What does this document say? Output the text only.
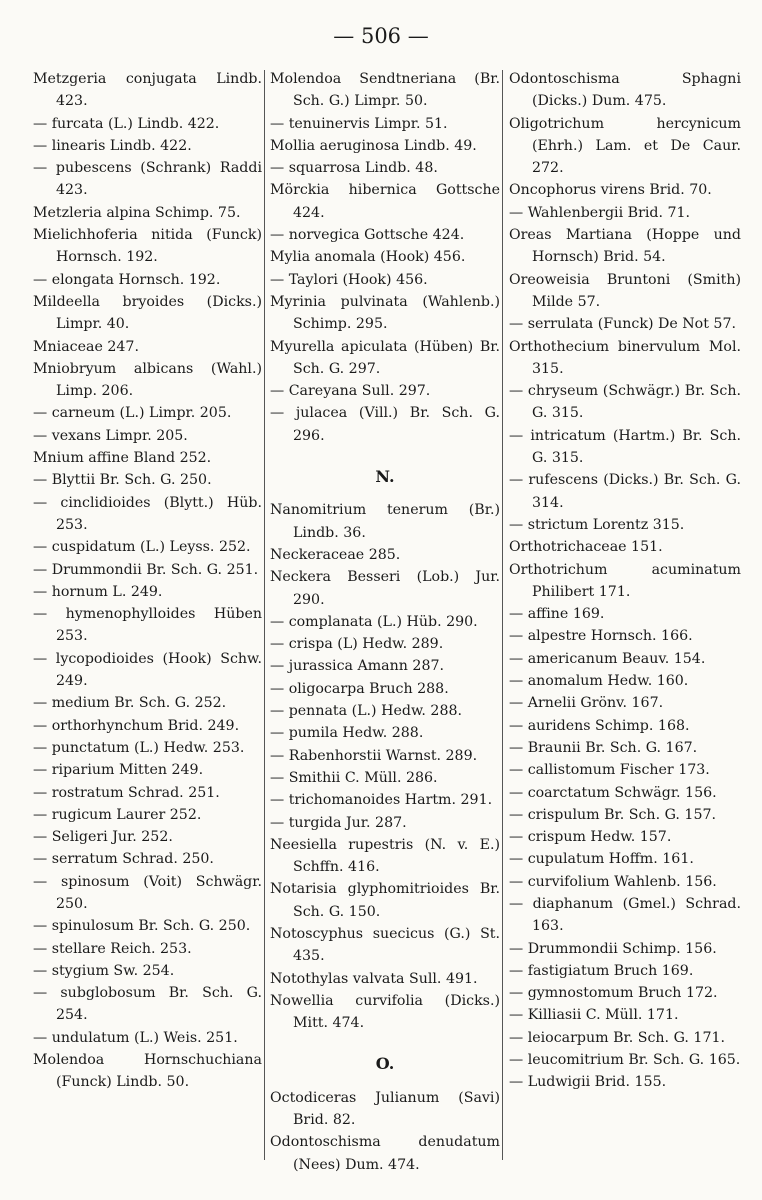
— 506 —
Metzgeria conjugata Lindb. 423.
— furcata (L.) Lindb. 422.
— linearis Lindb. 422.
— pubescens (Schrank) Raddi 423.
Metzleria alpina Schimp. 75.
Mielichhoferia nitida (Funck) Hornsch. 192.
— elongata Hornsch. 192.
Mildeella bryoides (Dicks.) Limpr. 40.
Mniaceae 247.
Mniobryum albicans (Wahl.) Limp. 206.
— carneum (L.) Limpr. 205.
— vexans Limpr. 205.
Mnium affine Bland 252.
— Blyttii Br. Sch. G. 250.
— cinclidioides (Blytt.) Hüb. 253.
— cuspidatum (L.) Leyss. 252.
— Drummondii Br. Sch. G. 251.
— hornum L. 249.
— hymenophylloides Hüben 253.
— lycopodioides (Hook) Schw. 249.
— medium Br. Sch. G. 252.
— orthorhynchum Brid. 249.
— punctatum (L.) Hedw. 253.
— riparium Mitten 249.
— rostratum Schrad. 251.
— rugicum Laurer 252.
— Seligeri Jur. 252.
— serratum Schrad. 250.
— spinosum (Voit) Schwägr. 250.
— spinulosum Br. Sch. G. 250.
— stellare Reich. 253.
— stygium Sw. 254.
— subglobosum Br. Sch. G. 254.
— undulatum (L.) Weis. 251.
Molendoa Hornschuchiana (Funck) Lindb. 50.
Molendoa Sendtneriana (Br. Sch. G.) Limpr. 50.
— tenuinervis Limpr. 51.
Mollia aeruginosa Lindb. 49.
— squarrosa Lindb. 48.
Mörckia hibernica Gottsche 424.
— norvegica Gottsche 424.
Mylia anomala (Hook) 456.
— Taylori (Hook) 456.
Myrinia pulvinata (Wahlenb.) Schimp. 295.
Myurella apiculata (Hüben) Br. Sch. G. 297.
— Careyana Sull. 297.
— julacea (Vill.) Br. Sch. G. 296.
N.
Nanomitrium tenerum (Br.) Lindb. 36.
Neckeraceae 285.
Neckera Besseri (Lob.) Jur. 290.
— complanata (L.) Hüb. 290.
— crispa (L) Hedw. 289.
— jurassica Amann 287.
— oligocarpa Bruch 288.
— pennata (L.) Hedw. 288.
— pumila Hedw. 288.
— Rabenhorstii Warnst. 289.
— Smithii C. Müll. 286.
— trichomanoides Hartm. 291.
— turgida Jur. 287.
Neesiella rupestris (N. v. E.) Schffn. 416.
Notarisia glyphomitrioides Br. Sch. G. 150.
Notoscyphus suecicus (G.) St. 435.
Notothylas valvata Sull. 491.
Nowellia curvifolia (Dicks.) Mitt. 474.
O.
Octodiceras Julianum (Savi) Brid. 82.
Odontoschisma denudatum (Nees) Dum. 474.
Odontoschisma Sphagni (Dicks.) Dum. 475.
Oligotrichum hercynicum (Ehrh.) Lam. et De Caur. 272.
Oncophorus virens Brid. 70.
— Wahlenbergii Brid. 71.
Oreas Martiana (Hoppe und Hornsch) Brid. 54.
Oreoweisia Bruntoni (Smith) Milde 57.
— serrulata (Funck) De Not 57.
Orthothecium binervulum Mol. 315.
— chryseum (Schwägr.) Br. Sch. G. 315.
— intricatum (Hartm.) Br. Sch. G. 315.
— rufescens (Dicks.) Br. Sch. G. 314.
— strictum Lorentz 315.
Orthotrichaceae 151.
Orthotrichum acuminatum Philibert 171.
— affine 169.
— alpestre Hornsch. 166.
— americanum Beauv. 154.
— anomalum Hedw. 160.
— Arnelii Grönv. 167.
— auridens Schimp. 168.
— Braunii Br. Sch. G. 167.
— callistomum Fischer 173.
— coarctatum Schwägr. 156.
— crispulum Br. Sch. G. 157.
— crispum Hedw. 157.
— cupulatum Hoffm. 161.
— curvifolium Wahlenb. 156.
— diaphanum (Gmel.) Schrad. 163.
— Drummondii Schimp. 156.
— fastigiatum Bruch 169.
— gymnostomum Bruch 172.
— Killiasii C. Müll. 171.
— leiocarpum Br. Sch. G. 171.
— leucomitrium Br. Sch. G. 165.
— Ludwigii Brid. 155.
